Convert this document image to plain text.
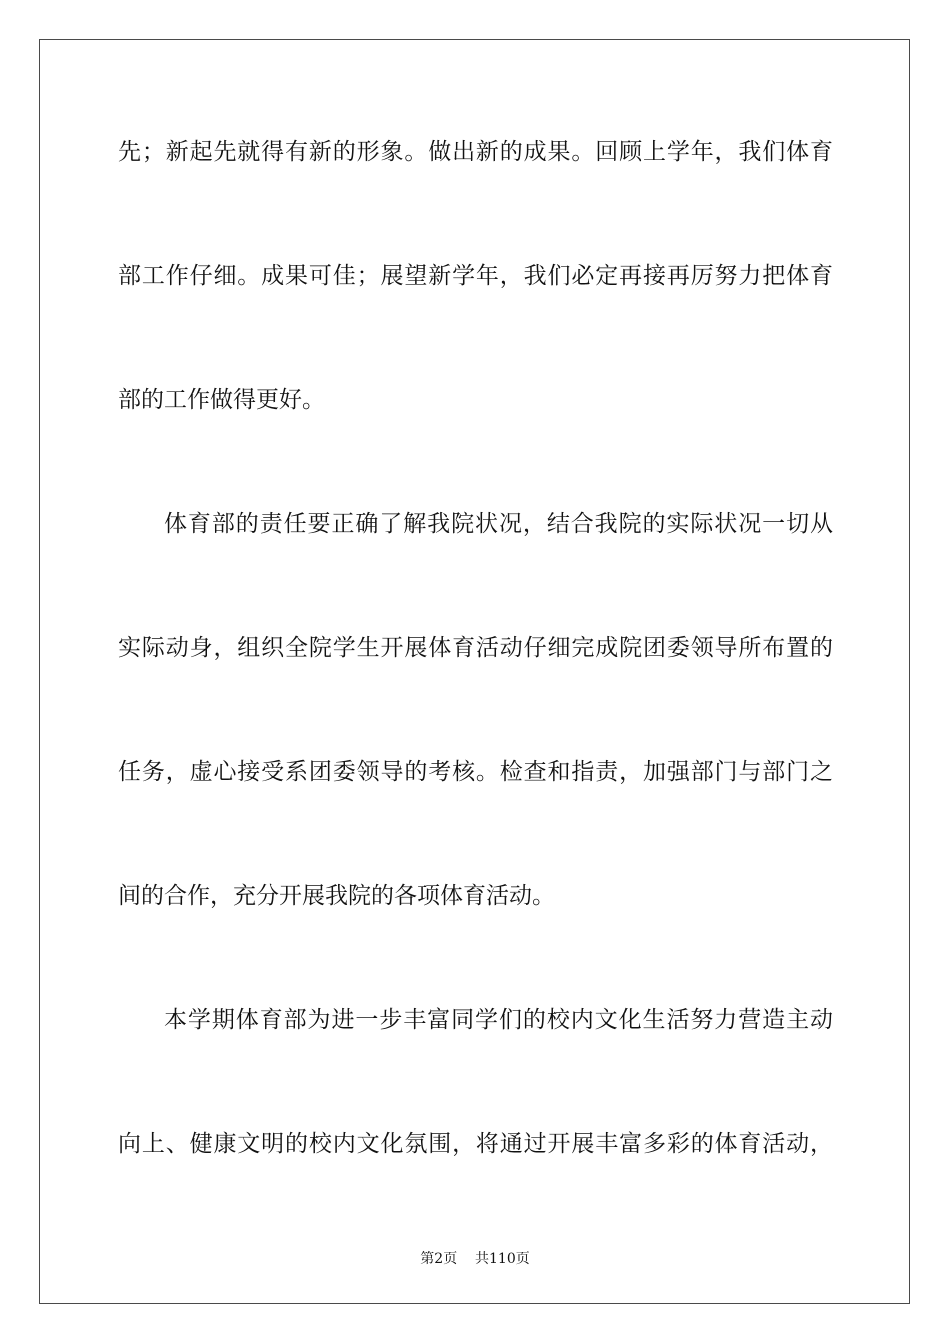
先；新起先就得有新的形象。做出新的成果。回顾上学年，我们体育
部工作仔细。成果可佳；展望新学年，我们必定再接再厉努力把体育
部的工作做得更好。
体育部的责任要正确了解我院状况，结合我院的实际状况一切从
实际动身，组织全院学生开展体育活动仔细完成院团委领导所布置的
任务，虚心接受系团委领导的考核。检查和指责，加强部门与部门之
间的合作，充分开展我院的各项体育活动。
本学期体育部为进一步丰富同学们的校内文化生活努力营造主动
向上、健康文明的校内文化氛围，将通过开展丰富多彩的体育活动，
第2页 共110页
